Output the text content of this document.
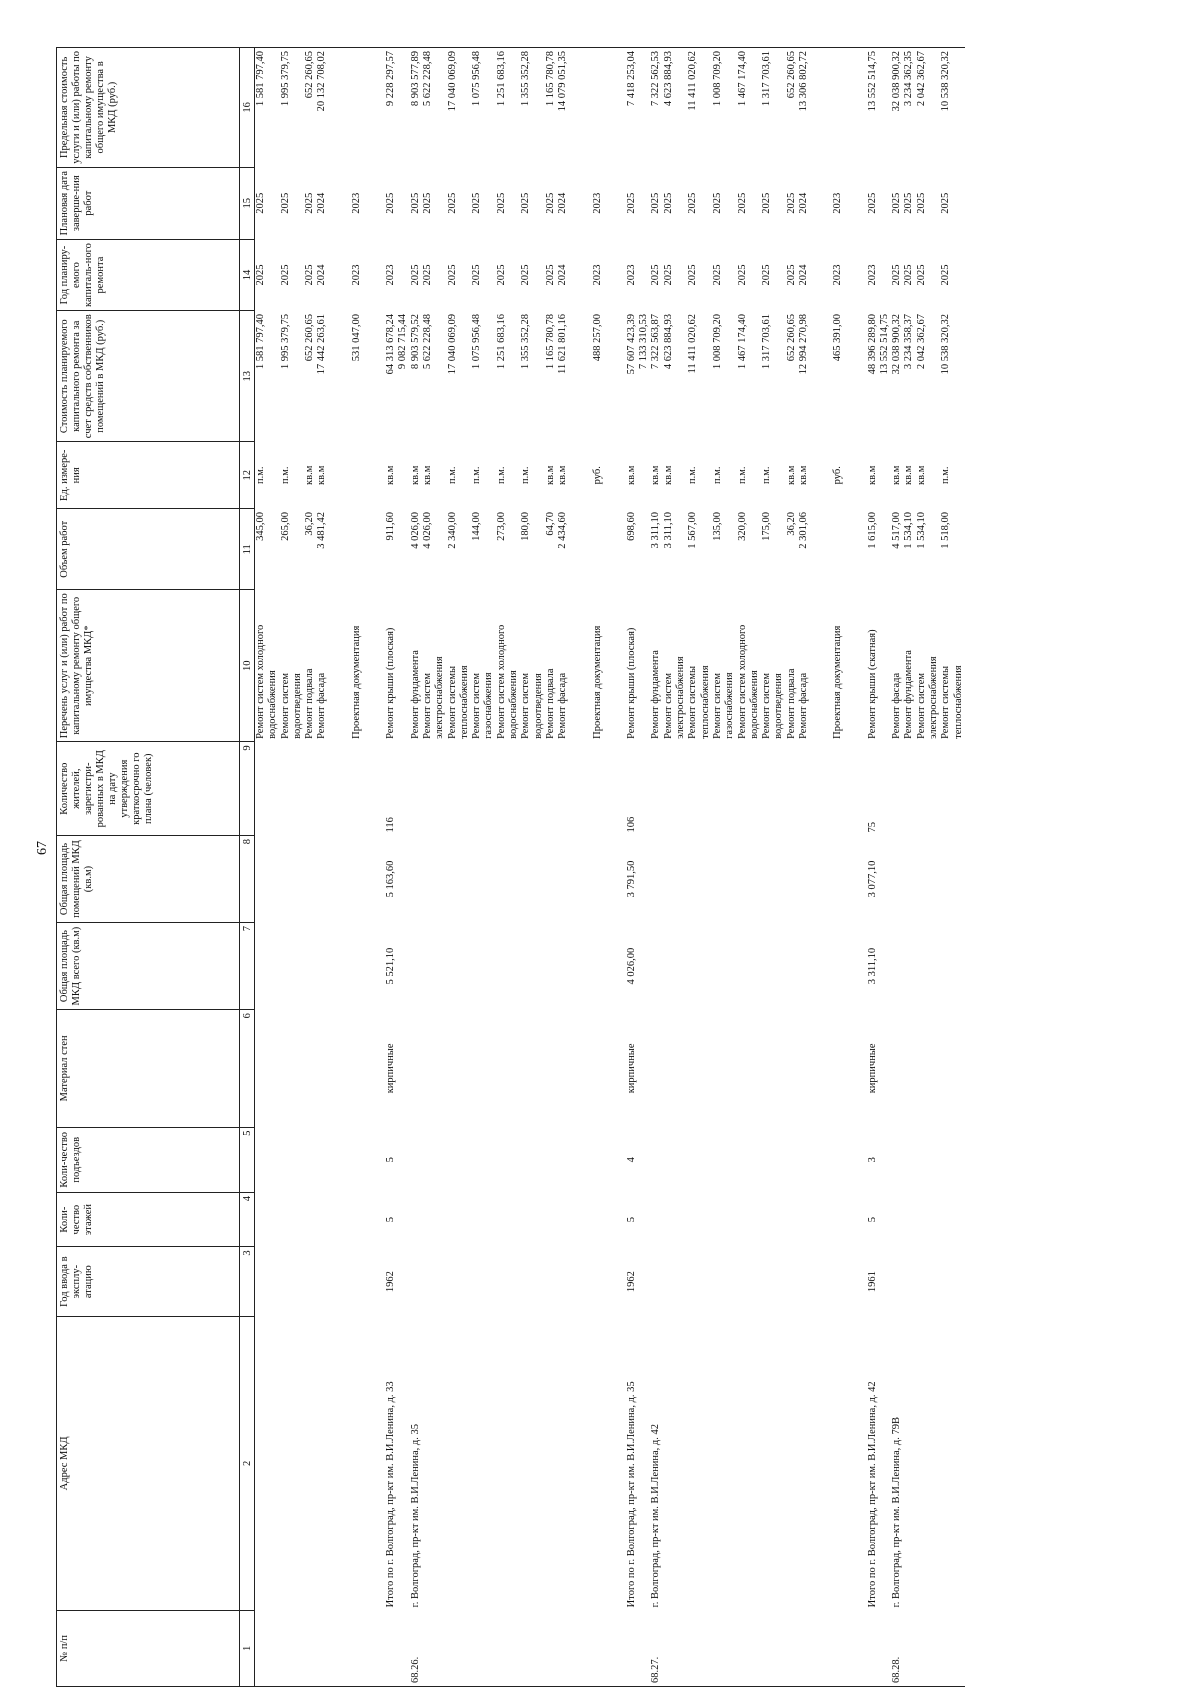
67
№ п/п	Адрес МКД	Год ввода в эксплу-атацию	Коли-чество этажей	Коли-чество подъездов	Материал стен	Общая площадь МКД всего (кв.м)	Общая площадь помещений МКД (кв.м)	Количество жителей, зарегистри-рованных в МКД на дату утверждения краткосрочно го плана (человек)	Перечень услуг и (или) работ по капитальному ремонту общего имущества МКД*	Объем работ	Ед. измере-ния	Стоимость планируемого капитального ремонта за счет средств собственников помещений в МКД (руб.)	Год планиру-емого капиталь-ного ремонта	Плановая дата заверше-ния работ	Предельная стоимость услуги и (или) работы по капитальному ремонту общего имущества в МКД (руб.)
1	2	3	4	5	6	7	8	9	10	11	12	13	14	15	16
									Ремонт систем холодного	345,00	п.м.	1 581 797,40	2025	2025	1 581 797,40
									водоснабжения						
									Ремонт систем	265,00	п.м.	1 995 379,75	2025	2025	1 995 379,75
									водоотведения						
									Ремонт подвала	36,20	кв.м	652 260,65	2025	2025	652 260,65
									Ремонт фасада	3 481,42	кв.м	17 442 263,61	2024	2024	20 132 708,02

									Проектная документация			531 047,00	2023	2023	

	Итого по г. Волгоград, пр-кт им. В.И.Ленина, д. 33	1962	5	5	кирпичные	5 521,10	5 163,60	116	Ремонт крыши (плоская)	911,60	кв.м	64 313 678,24 9 082 715,44	2023	2025	9 228 297,57
68.26.	г. Волгоград, пр-кт им. В.И.Ленина, д. 35								Ремонт фундамента	4 026,00	кв.м	8 903 579,52	2025	2025	8 903 577,89
									Ремонт систем	4 026,00	кв.м	5 622 228,48	2025	2025	5 622 228,48
									электроснабжения						
									Ремонт системы	2 340,00	п.м.	17 040 069,09	2025	2025	17 040 069,09
									теплоснабжения						
									Ремонт систем	144,00	п.м.	1 075 956,48	2025	2025	1 075 956,48
									газоснабжения						
									Ремонт систем холодного	273,00	п.м.	1 251 683,16	2025	2025	1 251 683,16
									водоснабжения						
									Ремонт систем	180,00	п.м.	1 355 352,28	2025	2025	1 355 352,28
									водоотведения						
									Ремонт подвала	64,70	кв.м	1 165 780,78	2025	2025	1 165 780,78
									Ремонт фасада	2 434,60	кв.м	11 621 801,16	2024	2024	14 079 051,35

									Проектная документация		руб.	488 257,00	2023	2023	

	Итого по г. Волгоград, пр-кт им. В.И.Ленина, д. 35	1962	5	4	кирпичные	4 026,00	3 791,50	106	Ремонт крыши (плоская)	698,60	кв.м	57 607 423,39 7 133 310,53	2023	2025	7 418 253,04
68.27.	г. Волгоград, пр-кт им. В.И.Ленина, д. 42								Ремонт фундамента	3 311,10	кв.м	7 322 563,87	2025	2025	7 322 562,53
									Ремонт систем	3 311,10	кв.м	4 623 884,93	2025	2025	4 623 884,93
									электроснабжения						
									Ремонт системы	1 567,00	п.м.	11 411 020,62	2025	2025	11 411 020,62
									теплоснабжения						
									Ремонт систем	135,00	п.м.	1 008 709,20	2025	2025	1 008 709,20
									газоснабжения						
									Ремонт систем холодного	320,00	п.м.	1 467 174,40	2025	2025	1 467 174,40
									водоснабжения						
									Ремонт систем	175,00	п.м.	1 317 703,61	2025	2025	1 317 703,61
									водоотведения						
									Ремонт подвала	36,20	кв.м	652 260,65	2025	2025	652 260,65
									Ремонт фасада	2 301,06	кв.м	12 994 270,98	2024	2024	13 306 802,72

									Проектная документация		руб.	465 391,00	2023	2023	

	Итого по г. Волгоград, пр-кт им. В.И.Ленина, д. 42	1961	5	3	кирпичные	3 311,10	3 077,10	75	Ремонт крыши (скатная)	1 615,00	кв.м	48 396 289,80 13 552 514,75	2023	2025	13 552 514,75
68.28.	г. Волгоград, пр-кт им. В.И.Ленина, д. 79В								Ремонт фасада	4 517,00	кв.м	32 038 900,32	2025	2025	32 038 900,32
									Ремонт фундамента	1 534,10	кв.м	3 234 358,37	2025	2025	3 234 362,35
									Ремонт систем	1 534,10	кв.м	2 042 362,67	2025	2025	2 042 362,67
									электроснабжения						
									Ремонт системы	1 518,00	п.м.	10 538 320,32	2025	2025	10 538 320,32
									теплоснабжения						
